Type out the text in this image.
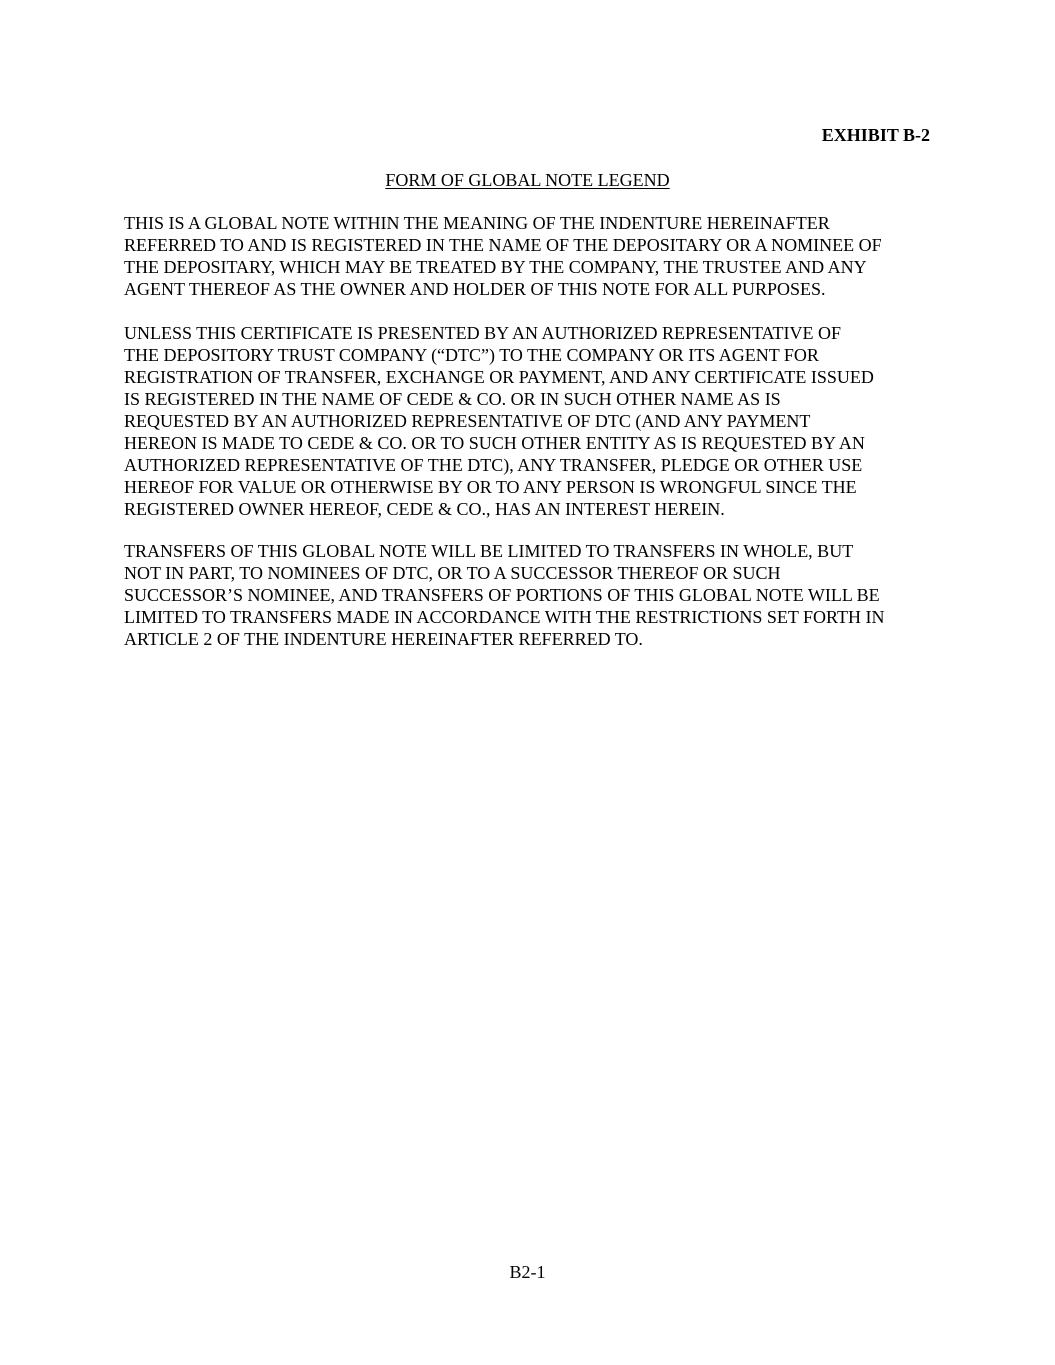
EXHIBIT B-2
FORM OF GLOBAL NOTE LEGEND
THIS IS A GLOBAL NOTE WITHIN THE MEANING OF THE INDENTURE HEREINAFTER
REFERRED TO AND IS REGISTERED IN THE NAME OF THE DEPOSITARY OR A NOMINEE OF
THE DEPOSITARY, WHICH MAY BE TREATED BY THE COMPANY, THE TRUSTEE AND ANY
AGENT THEREOF AS THE OWNER AND HOLDER OF THIS NOTE FOR ALL PURPOSES.
UNLESS THIS CERTIFICATE IS PRESENTED BY AN AUTHORIZED REPRESENTATIVE OF
THE DEPOSITORY TRUST COMPANY (“DTC”) TO THE COMPANY OR ITS AGENT FOR
REGISTRATION OF TRANSFER, EXCHANGE OR PAYMENT, AND ANY CERTIFICATE ISSUED
IS REGISTERED IN THE NAME OF CEDE & CO. OR IN SUCH OTHER NAME AS IS
REQUESTED BY AN AUTHORIZED REPRESENTATIVE OF DTC (AND ANY PAYMENT
HEREON IS MADE TO CEDE & CO. OR TO SUCH OTHER ENTITY AS IS REQUESTED BY AN
AUTHORIZED REPRESENTATIVE OF THE DTC), ANY TRANSFER, PLEDGE OR OTHER USE
HEREOF FOR VALUE OR OTHERWISE BY OR TO ANY PERSON IS WRONGFUL SINCE THE
REGISTERED OWNER HEREOF, CEDE & CO., HAS AN INTEREST HEREIN.
TRANSFERS OF THIS GLOBAL NOTE WILL BE LIMITED TO TRANSFERS IN WHOLE, BUT
NOT IN PART, TO NOMINEES OF DTC, OR TO A SUCCESSOR THEREOF OR SUCH
SUCCESSOR’S NOMINEE, AND TRANSFERS OF PORTIONS OF THIS GLOBAL NOTE WILL BE
LIMITED TO TRANSFERS MADE IN ACCORDANCE WITH THE RESTRICTIONS SET FORTH IN
ARTICLE 2 OF THE INDENTURE HEREINAFTER REFERRED TO.
B2-1
